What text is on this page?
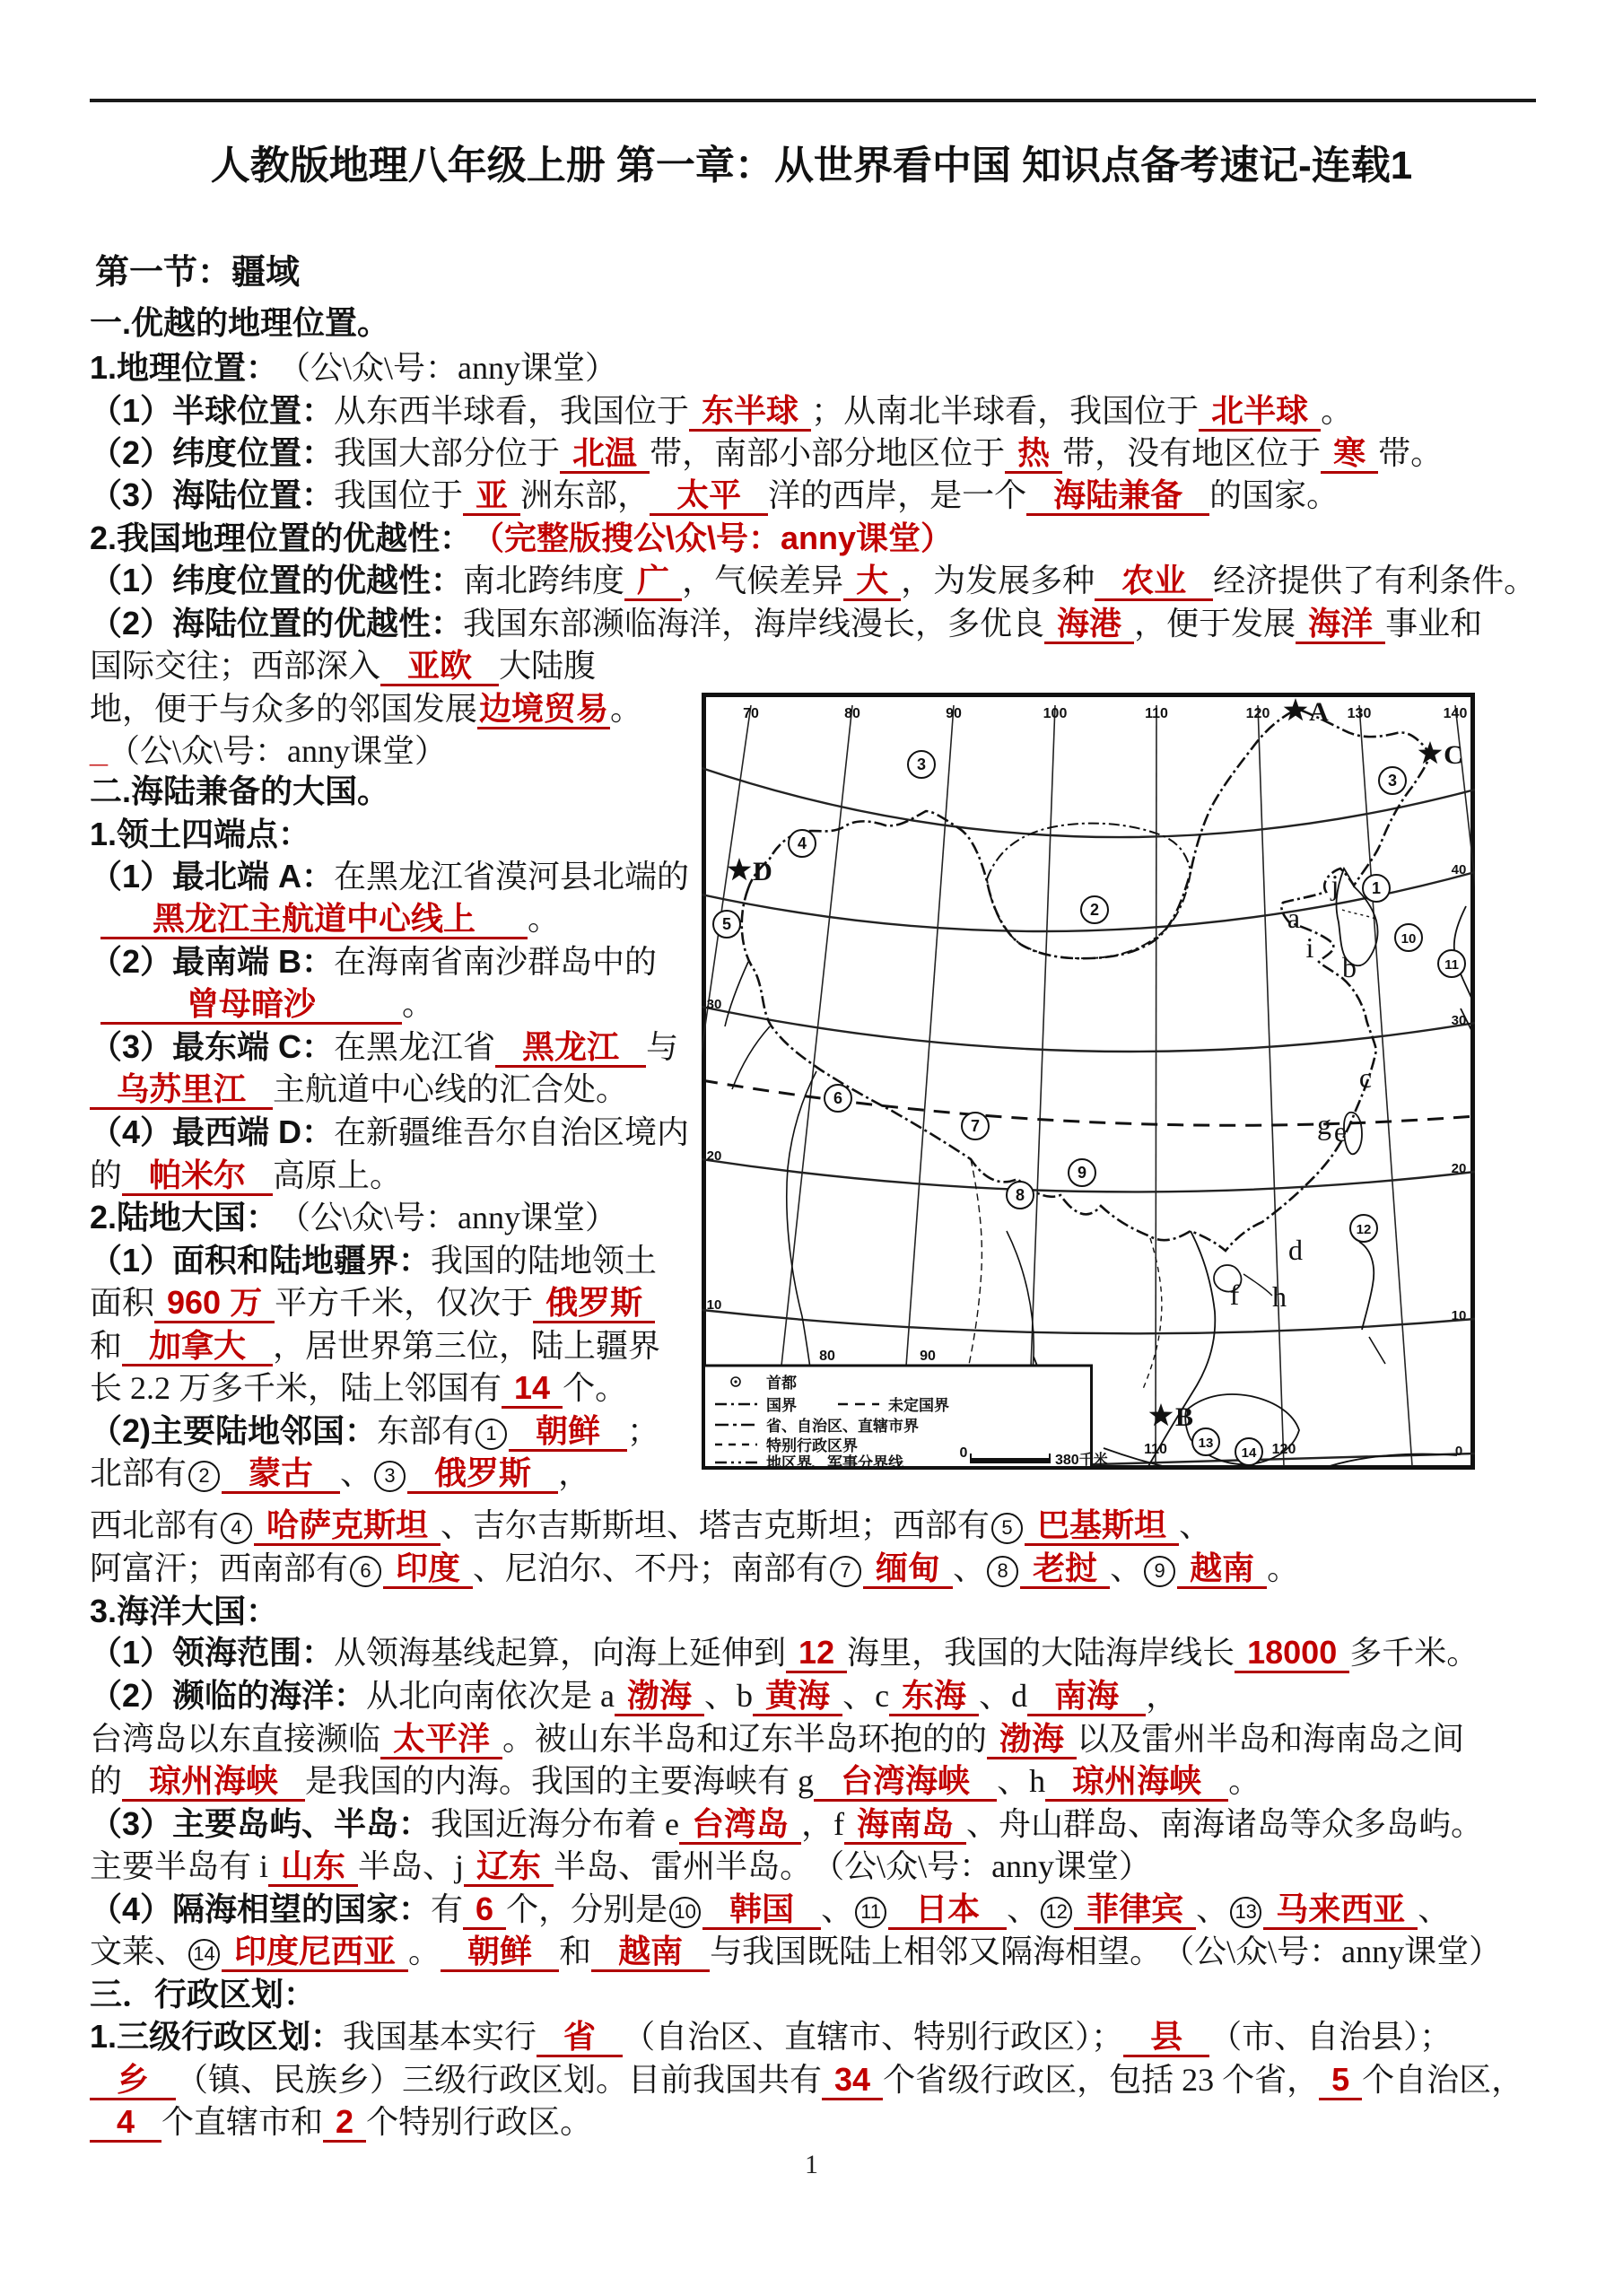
人教版地理八年级上册 第一章：从世界看中国 知识点备考速记-连载1
第一节：疆域
一.优越的地理位置。
1.地理位置：　（公\众\号：anny课堂）
（1）半球位置：从东西半球看，我国位于 东半球 ；从南北半球看，我国位于 北半球 。
（2）纬度位置：我国大部分位于 北温 带，南部小部分地区位于 热 带，没有地区位于 寒 带。
（3）海陆位置：我国位于 亚 洲东部， 太平 洋的西岸，是一个 海陆兼备 的国家。
2.我国地理位置的优越性：　（完整版搜公\众\号：anny课堂）
（1）纬度位置的优越性：南北跨纬度 广 ，气候差异 大 ，为发展多种 农业 经济提供了有利条件。
（2）海陆位置的优越性：我国东部濒临海洋，海岸线漫长，多优良 海港 ，便于发展 海洋 事业和
国际交往；西部深入 亚欧 大陆腹
地，便于与众多的邻国发展边境贸易。
_（公\众\号：anny课堂）
二.海陆兼备的大国。
1.领土四端点：
（1）最北端 A：在黑龙江省漠河县北端的
黑龙江主航道中心线上 。
（2）最南端 B：在海南省南沙群岛中的
曾母暗沙	。
（3）最东端 C：在黑龙江省 黑龙江 与
乌苏里江 主航道中心线的汇合处。
（4）最西端 D：在新疆维吾尔自治区境内
的 帕米尔 高原上。
2.陆地大国：　（公\众\号：anny课堂）
（1）面积和陆地疆界：我国的陆地领土
面积 960 万 平方千米，仅次于 俄罗斯
和 加拿大 ，居世界第三位，陆上疆界
长 2.2 万多千米，陆上邻国有 14 个。
（2)主要陆地邻国：东部有 1 朝鲜 ；
北部有 2 蒙古 、 3 俄罗斯 ，
西北部有 4 哈萨克斯坦 、吉尔吉斯斯坦、塔吉克斯坦；西部有 5 巴基斯坦 、
阿富汗；西南部有 6 印度 、尼泊尔、不丹；南部有 7 缅甸 、 8 老挝 、 9 越南 。
3.海洋大国：
（1）领海范围：从领海基线起算，向海上延伸到 12 海里，我国的大陆海岸线长 18000 多千米。
（2）濒临的海洋：从北向南依次是 a 渤海 、b 黄海 、c 东海 、d 南海 ，
台湾岛以东直接濒临 太平洋 。被山东半岛和辽东半岛环抱的的 渤海 以及雷州半岛和海南岛之间
的 琼州海峡 是我国的内海。我国的主要海峡有 g 台湾海峡 、h 琼州海峡 。
（3）主要岛屿、半岛：我国近海分布着 e 台湾岛 ，f 海南岛 、舟山群岛、南海诸岛等众多岛屿。
主要半岛有 i 山东 半岛、j 辽东 半岛、雷州半岛。　（公\众\号：anny课堂）
（4）隔海相望的国家：有 6 个，分别是 10 韩国 、 11 日本 、 12 菲律宾 、 13 马来西亚 、
文莱、 14 印度尼西亚 。 朝鲜 和 越南 与我国既陆上相邻又隔海相望。　（公\众\号：anny课堂）
三．行政区划：
1.三级行政区划：我国基本实行 省 （自治区、直辖市、特别行政区）； 县 （市、自治县）；
乡 （镇、民族乡）三级行政区划。目前我国共有 34 个省级行政区，包括 23 个省， 5 个自治区，
4 个直辖市和 2 个特别行政区。
70	80	90	100	110	120	130	140
80	90
110	120
40
30
20
10
0
30
20
10
a
b
c
d
e
f
g
h
i
j 1
2
3
3
4
5
6
7
8
9
10
11
12
13
14
A
C
D
B
首都
国界	未定国界
省、自治区、直辖市界
特别行政区界
地区界、军事分界线
0	380千米
1
